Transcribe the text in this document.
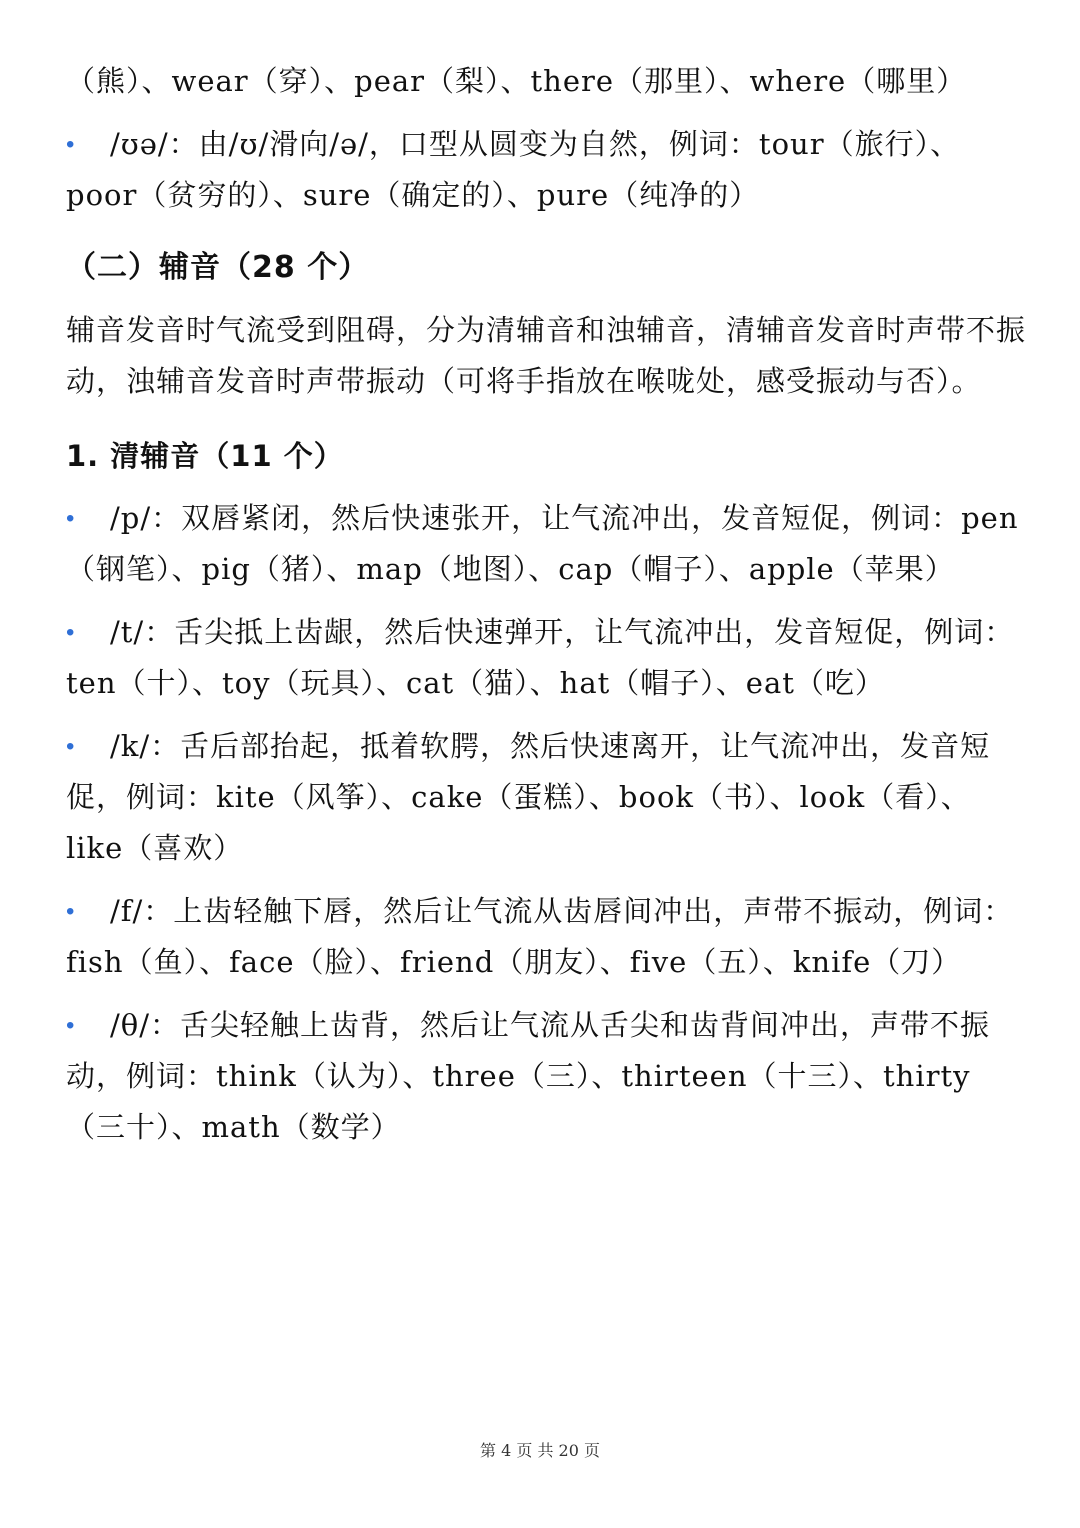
（熊）、wear（穿）、pear（梨）、there（那里）、where（哪里）

• /ʊə/：由/ʊ/滑向/ə/，口型从圆变为自然，例词：tour（旅行）、poor（贫穷的）、sure（确定的）、pure（纯净的）

（二）辅音（28 个）

辅音发音时气流受到阻碍，分为清辅音和浊辅音，清辅音发音时声带不振动，浊辅音发音时声带振动（可将手指放在喉咙处，感受振动与否）。

1. 清辅音（11 个）

• /p/：双唇紧闭，然后快速张开，让气流冲出，发音短促，例词：pen（钢笔）、pig（猪）、map（地图）、cap（帽子）、apple（苹果）

• /t/：舌尖抵上齿龈，然后快速弹开，让气流冲出，发音短促，例词：ten（十）、toy（玩具）、cat（猫）、hat（帽子）、eat（吃）

• /k/：舌后部抬起，抵着软腭，然后快速离开，让气流冲出，发音短促，例词：kite（风筝）、cake（蛋糕）、book（书）、look（看）、like（喜欢）

• /f/：上齿轻触下唇，然后让气流从齿唇间冲出，声带不振动，例词：fish（鱼）、face（脸）、friend（朋友）、five（五）、knife（刀）

• /θ/：舌尖轻触上齿背，然后让气流从舌尖和齿背间冲出，声带不振动，例词：think（认为）、three（三）、thirteen（十三）、thirty（三十）、math（数学）

第 4 页 共 20 页
